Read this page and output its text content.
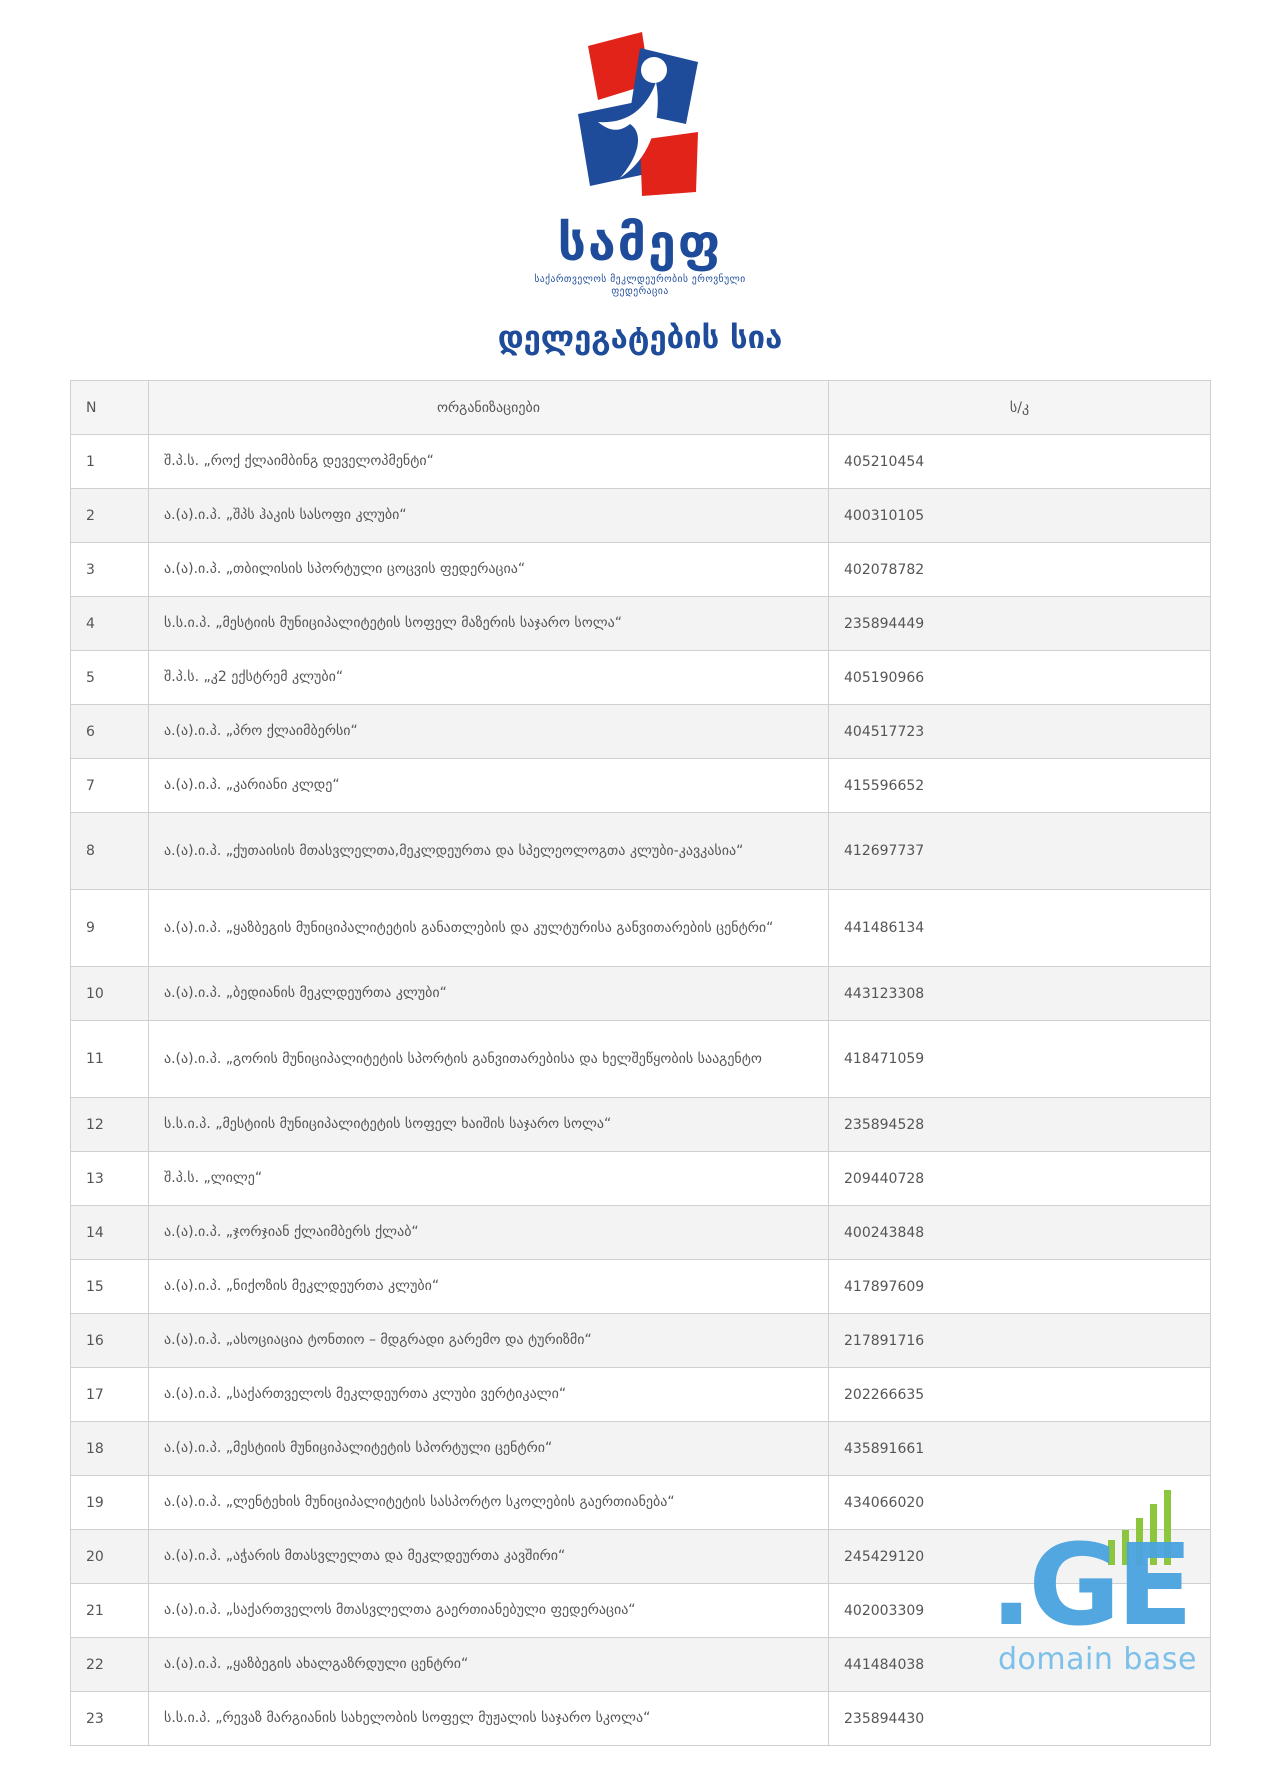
სამეფ
საქართველოს მეკლდეურობის ეროვნული ფედერაცია
დელეგატების სია
N	ორგანიზაციები	ს/კ
1	შ.პ.ს. „როქ ქლაიმბინგ დეველოპმენტი“	405210454
2	ა.(ა).ი.პ. „შპს ჰაკის სასოფი კლუბი“	400310105
3	ა.(ა).ი.პ. „თბილისის სპორტული ცოცვის ფედერაცია“	402078782
4	ს.ს.ი.პ. „მესტიის მუნიციპალიტეტის სოფელ მაზერის საჯარო სოლა“	235894449
5	შ.პ.ს. „კ2 ექსტრემ კლუბი“	405190966
6	ა.(ა).ი.პ. „პრო ქლაიმბერსი“	404517723
7	ა.(ა).ი.პ. „კარიანი კლდე“	415596652
8	ა.(ა).ი.პ. „ქუთაისის მთასვლელთა,მეკლდეურთა და სპელეოლოგთა კლუბი-კავკასია“	412697737
9	ა.(ა).ი.პ. „ყაზბეგის მუნიციპალიტეტის განათლების და კულტურისა განვითარების ცენტრი“	441486134
10	ა.(ა).ი.პ. „ბედიანის მეკლდეურთა კლუბი“	443123308
11	ა.(ა).ი.პ. „გორის მუნიციპალიტეტის სპორტის განვითარებისა და ხელშეწყობის სააგენტო	418471059
12	ს.ს.ი.პ. „მესტიის მუნიციპალიტეტის სოფელ ხაიშის საჯარო სოლა“	235894528
13	შ.პ.ს. „ლილე“	209440728
14	ა.(ა).ი.პ. „ჯორჯიან ქლაიმბერს ქლაბ“	400243848
15	ა.(ა).ი.პ. „ნიქოზის მეკლდეურთა კლუბი“	417897609
16	ა.(ა).ი.პ. „ასოციაცია ტონთიო – მდგრადი გარემო და ტურიზმი“	217891716
17	ა.(ა).ი.პ. „საქართველოს მეკლდეურთა კლუბი ვერტიკალი“	202266635
18	ა.(ა).ი.პ. „მესტიის მუნიციპალიტეტის სპორტული ცენტრი“	435891661
19	ა.(ა).ი.პ. „ლენტეხის მუნიციპალიტეტის სასპორტო სკოლების გაერთიანება“	434066020
20	ა.(ა).ი.პ. „აჭარის მთასვლელთა და მეკლდეურთა კავშირი“	245429120
21	ა.(ა).ი.პ. „საქართველოს მთასვლელთა გაერთიანებული ფედერაცია“	402003309
22	ა.(ა).ი.პ. „ყაზბეგის ახალგაზრდული ცენტრი“	441484038
23	ს.ს.ი.პ. „რევაზ მარგიანის სახელობის სოფელ მუჟალის საჯარო სკოლა“	235894430
.GE
domain base
